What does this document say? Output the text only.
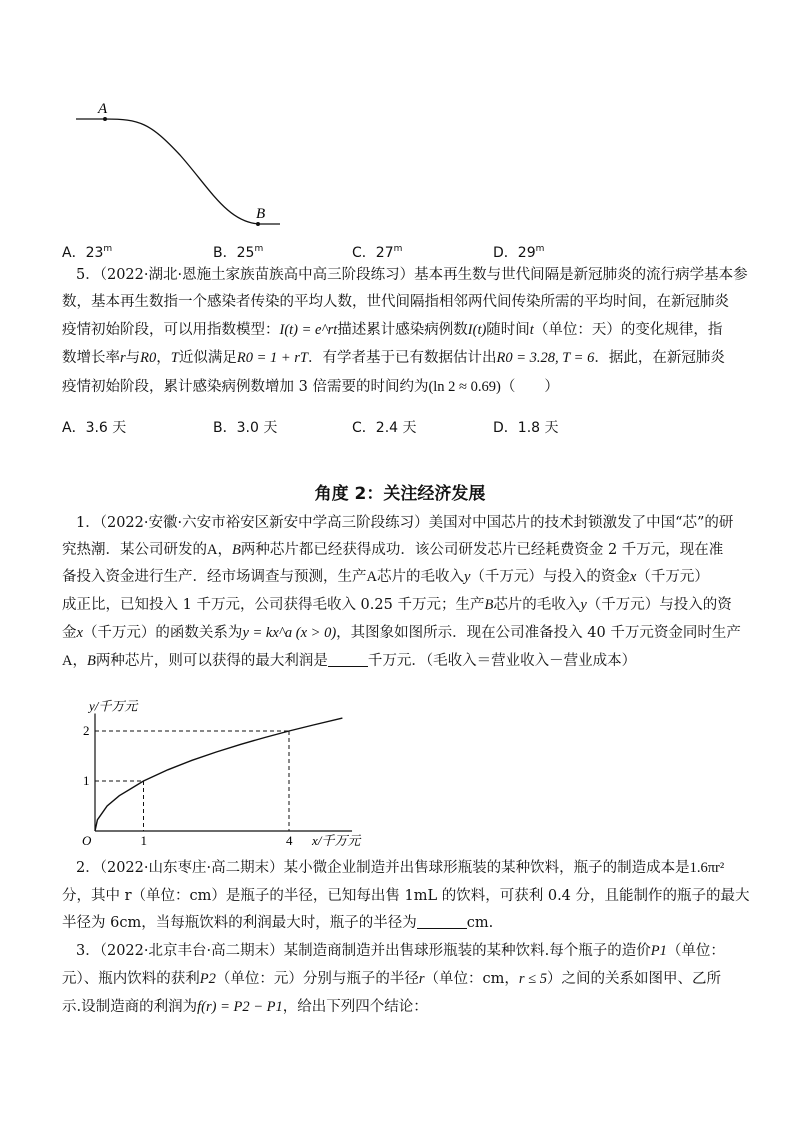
A
B
A．23$^m$	B．25$^m$	C．27$^m$	D．29$^m$
5．（2022·湖北·恩施土家族苗族高中高三阶段练习）基本再生数与世代间隔是新冠肺炎的流行病学基本参
数，基本再生数指一个感染者传染的平均人数，世代间隔指相邻两代间传染所需的平均时间，在新冠肺炎
疫情初始阶段，可以用指数模型：I(t) = e^rt描述累计感染病例数I(t)随时间t（单位：天）的变化规律，指
数增长率r与R0，T近似满足R0 = 1 + rT．有学者基于已有数据估计出R0 = 3.28, T = 6．据此，在新冠肺炎
疫情初始阶段，累计感染病例数增加 3 倍需要的时间约为(ln 2 ≈ 0.69)（　　）
A．3.6 天	B．3.0 天	C．2.4 天	D．1.8 天
角度 2：关注经济发展
1．（2022·安徽·六安市裕安区新安中学高三阶段练习）美国对中国芯片的技术封锁激发了中国“芯”的研
究热潮．某公司研发的A，B两种芯片都已经获得成功．该公司研发芯片已经耗费资金 2 千万元，现在准
备投入资金进行生产．经市场调查与预测，生产A芯片的毛收入y（千万元）与投入的资金x（千万元）
成正比，已知投入 1 千万元，公司获得毛收入 0.25 千万元；生产B芯片的毛收入y（千万元）与投入的资
金x（千万元）的函数关系为y = kx^a (x > 0)，其图象如图所示．现在公司准备投入 40 千万元资金同时生产
A，B两种芯片，则可以获得的最大利润是	千万元．（毛收入＝营业收入－营业成本）
y/千万元
x/千万元
O	1	4
1
2
2．（2022·山东枣庄·高二期末）某小微企业制造并出售球形瓶装的某种饮料，瓶子的制造成本是1.6πr²
分，其中 r（单位：cm）是瓶子的半径，已知每出售 1mL 的饮料，可获利 0.4 分，且能制作的瓶子的最大
半径为 6cm，当每瓶饮料的利润最大时，瓶子的半径为	cm.
3．（2022·北京丰台·高二期末）某制造商制造并出售球形瓶装的某种饮料.每个瓶子的造价P1（单位：
元）、瓶内饮料的获利P2（单位：元）分别与瓶子的半径r（单位：cm，r ≤ 5）之间的关系如图甲、乙所
示.设制造商的利润为f(r) = P2 − P1，给出下列四个结论：
